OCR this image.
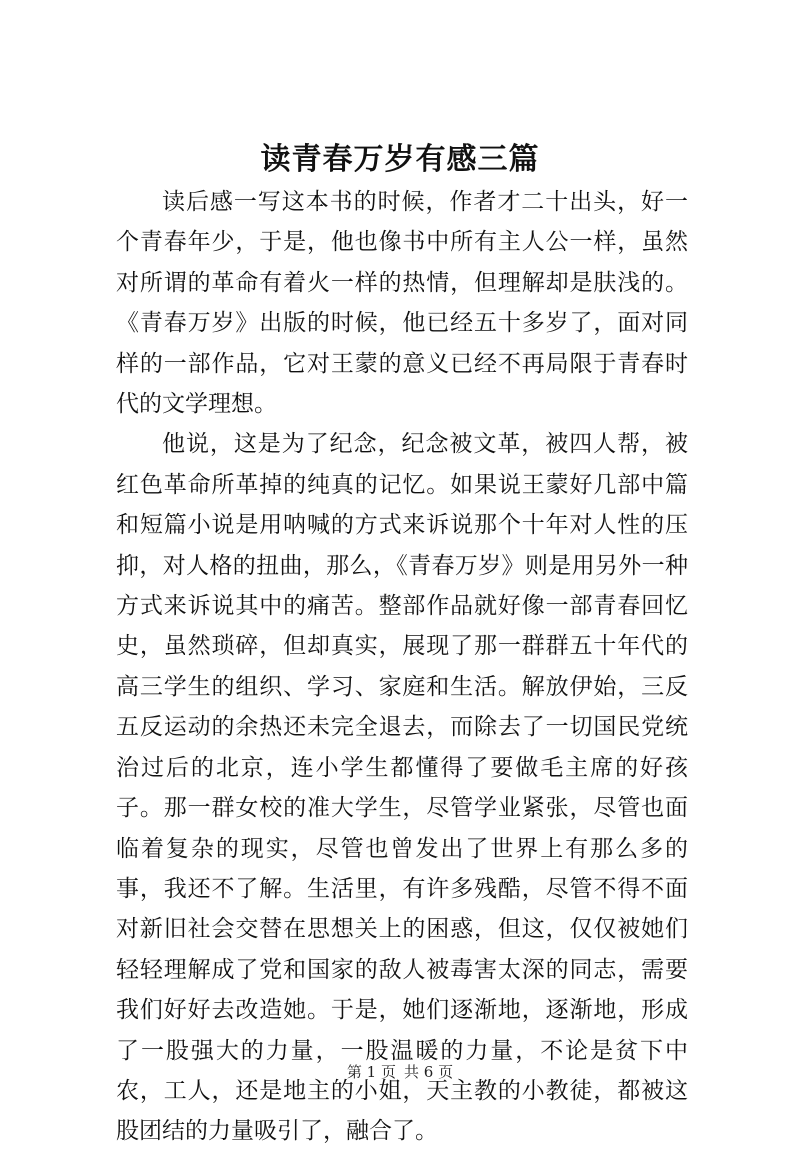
读青春万岁有感三篇

读后感一写这本书的时候，作者才二十出头，好一个青春年少，于是，他也像书中所有主人公一样，虽然对所谓的革命有着火一样的热情，但理解却是肤浅的。《青春万岁》出版的时候，他已经五十多岁了，面对同样的一部作品，它对王蒙的意义已经不再局限于青春时代的文学理想。

他说，这是为了纪念，纪念被文革，被四人帮，被红色革命所革掉的纯真的记忆。如果说王蒙好几部中篇和短篇小说是用呐喊的方式来诉说那个十年对人性的压抑，对人格的扭曲，那么，《青春万岁》则是用另外一种方式来诉说其中的痛苦。整部作品就好像一部青春回忆史，虽然琐碎，但却真实，展现了那一群群五十年代的高三学生的组织、学习、家庭和生活。解放伊始，三反五反运动的余热还未完全退去，而除去了一切国民党统治过后的北京，连小学生都懂得了要做毛主席的好孩子。那一群女校的准大学生，尽管学业紧张，尽管也面临着复杂的现实，尽管也曾发出了世界上有那么多的事，我还不了解。生活里，有许多残酷，尽管不得不面对新旧社会交替在思想关上的困惑，但这，仅仅被她们轻轻理解成了党和国家的敌人被毒害太深的同志，需要我们好好去改造她。于是，她们逐渐地，逐渐地，形成了一股强大的力量，一股温暖的力量，不论是贫下中农，工人，还是地主的小姐，天主教的小教徒，都被这股团结的力量吸引了，融合了。

第 1 页 共 6 页
